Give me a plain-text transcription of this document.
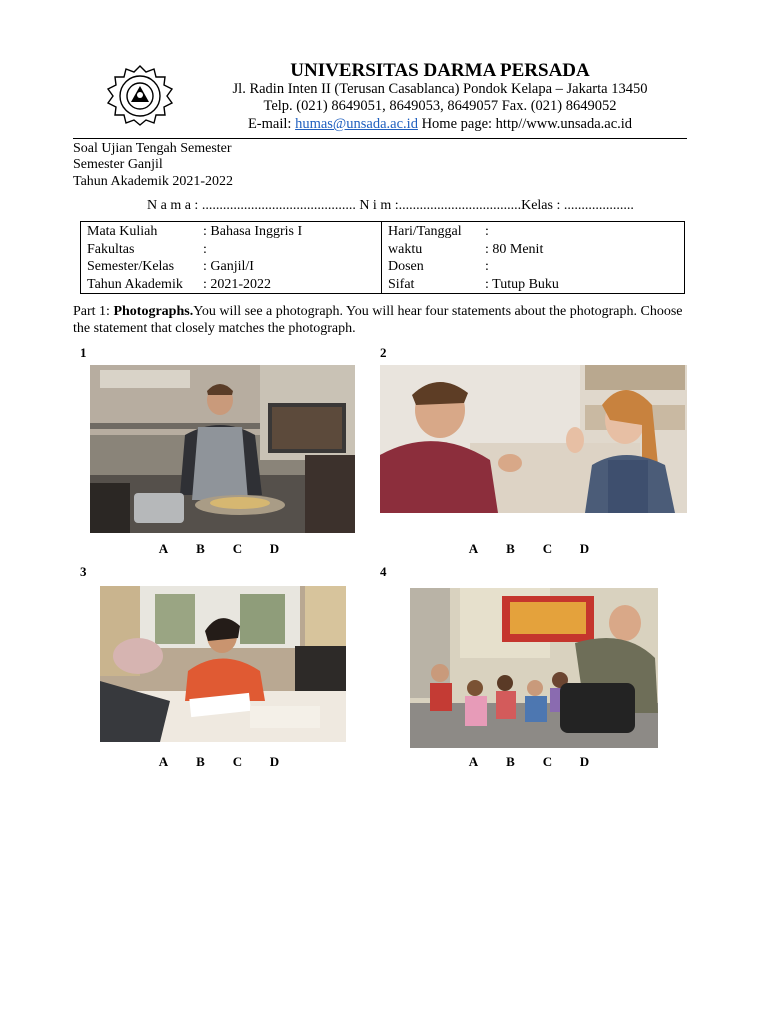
UNIVERSITAS DARMA PERSADA
Jl. Radin Inten II (Terusan Casablanca) Pondok Kelapa – Jakarta 13450
Telp. (021) 8649051, 8649053, 8649057 Fax. (021) 8649052
E-mail: humas@unsada.ac.id Home page: http//www.unsada.ac.id
Soal Ujian Tengah Semester
Semester Ganjil
Tahun Akademik 2021-2022
N a m a : ............................................ N i m :...................................Kelas : ....................
Mata Kuliah	: Bahasa Inggris I
Fakultas	:
Semester/Kelas	: Ganjil/I
Tahun Akademik	: 2021-2022
Hari/Tanggal	:
waktu	: 80 Menit
Dosen	:
Sifat	: Tutup Buku
Part 1: Photographs.You will see a photograph. You will hear four statements about the photograph. Choose the statement that closely matches the photograph.
1
A B C D
2
A B C D
3
A B C D
4
A B C D
